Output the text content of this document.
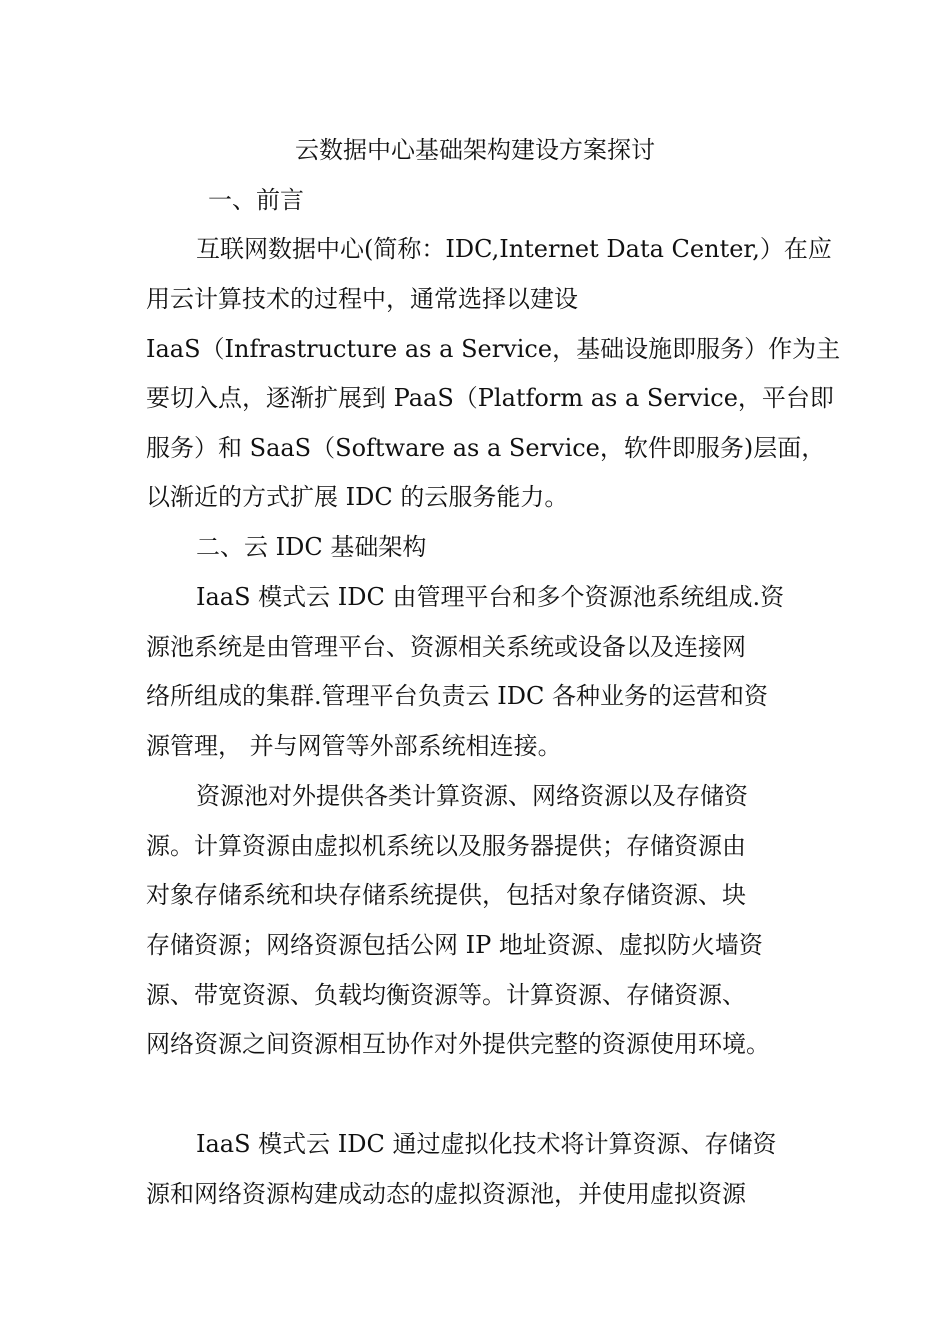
云数据中心基础架构建设方案探讨
一、前言
互联网数据中心(简称：IDC,Internet Data Center,）在应
用云计算技术的过程中，通常选择以建设
IaaS（Infrastructure as a Service，基础设施即服务）作为主
要切入点，逐渐扩展到 PaaS（Platform as a Service，平台即
服务）和 SaaS（Software as a Service，软件即服务)层面，
以渐近的方式扩展 IDC 的云服务能力。
二、云 IDC 基础架构
IaaS 模式云 IDC 由管理平台和多个资源池系统组成.资
源池系统是由管理平台、资源相关系统或设备以及连接网
络所组成的集群.管理平台负责云 IDC 各种业务的运营和资
源管理， 并与网管等外部系统相连接。
资源池对外提供各类计算资源、网络资源以及存储资
源。计算资源由虚拟机系统以及服务器提供；存储资源由
对象存储系统和块存储系统提供，包括对象存储资源、块
存储资源；网络资源包括公网 IP 地址资源、虚拟防火墙资
源、带宽资源、负载均衡资源等。计算资源、存储资源、
网络资源之间资源相互协作对外提供完整的资源使用环境。
IaaS 模式云 IDC 通过虚拟化技术将计算资源、存储资
源和网络资源构建成动态的虚拟资源池，并使用虚拟资源
